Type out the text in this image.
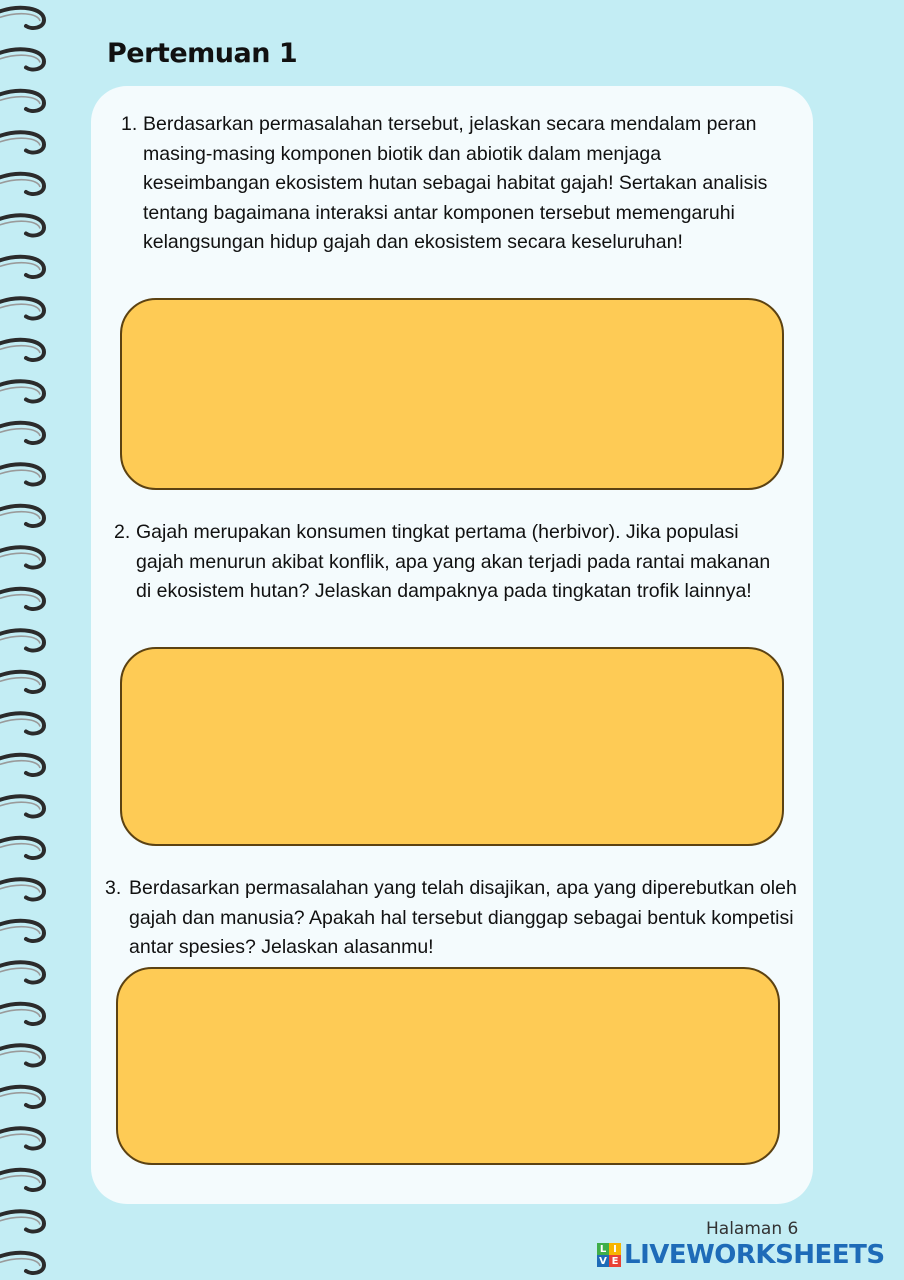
Pertemuan 1
1. Berdasarkan permasalahan tersebut, jelaskan secara mendalam peran masing-masing komponen biotik dan abiotik dalam menjaga keseimbangan ekosistem hutan sebagai habitat gajah! Sertakan analisis tentang bagaimana interaksi antar komponen tersebut memengaruhi kelangsungan hidup gajah dan ekosistem secara keseluruhan!
2. Gajah merupakan konsumen tingkat pertama (herbivor). Jika populasi gajah menurun akibat konflik, apa yang akan terjadi pada rantai makanan di ekosistem hutan? Jelaskan dampaknya pada tingkatan trofik lainnya!
3. Berdasarkan permasalahan yang telah disajikan, apa yang diperebutkan oleh gajah dan manusia? Apakah hal tersebut dianggap sebagai bentuk kompetisi antar spesies? Jelaskan alasanmu!
Halaman 6
L I
V E LIVEWORKSHEETS
